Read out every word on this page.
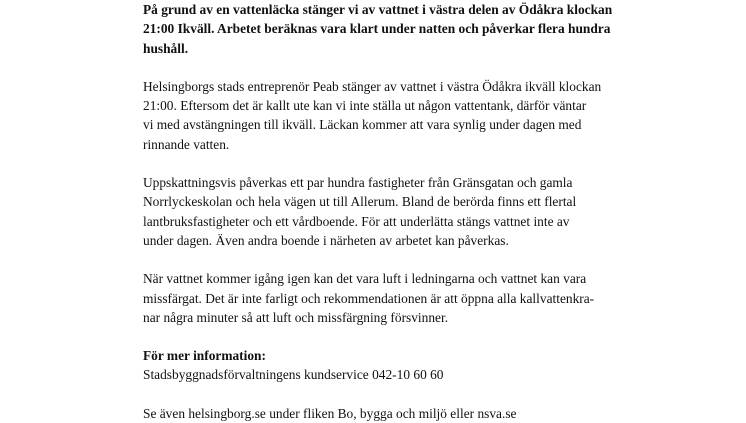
På grund av en vattenläcka stänger vi av vattnet i västra delen av Ödåkra klockan
21:00 Ikväll. Arbetet beräknas vara klart under natten och påverkar flera hundra
hushåll.
Helsingborgs stads entreprenör Peab stänger av vattnet i västra Ödåkra ikväll klockan
21:00. Eftersom det är kallt ute kan vi inte ställa ut någon vattentank, därför väntar
vi med avstängningen till ikväll. Läckan kommer att vara synlig under dagen med
rinnande vatten.
Uppskattningsvis påverkas ett par hundra fastigheter från Gränsgatan och gamla
Norrlyckeskolan och hela vägen ut till Allerum. Bland de berörda finns ett flertal
lantbruksfastigheter och ett vårdboende. För att underlätta stängs vattnet inte av
under dagen. Även andra boende i närheten av arbetet kan påverkas.
När vattnet kommer igång igen kan det vara luft i ledningarna och vattnet kan vara
missfärgat. Det är inte farligt och rekommendationen är att öppna alla kallvattenkra-
nar några minuter så att luft och missfärgning försvinner.
För mer information:
Stadsbyggnadsförvaltningens kundservice 042-10 60 60
Se även helsingborg.se under fliken Bo, bygga och miljö eller nsva.se
